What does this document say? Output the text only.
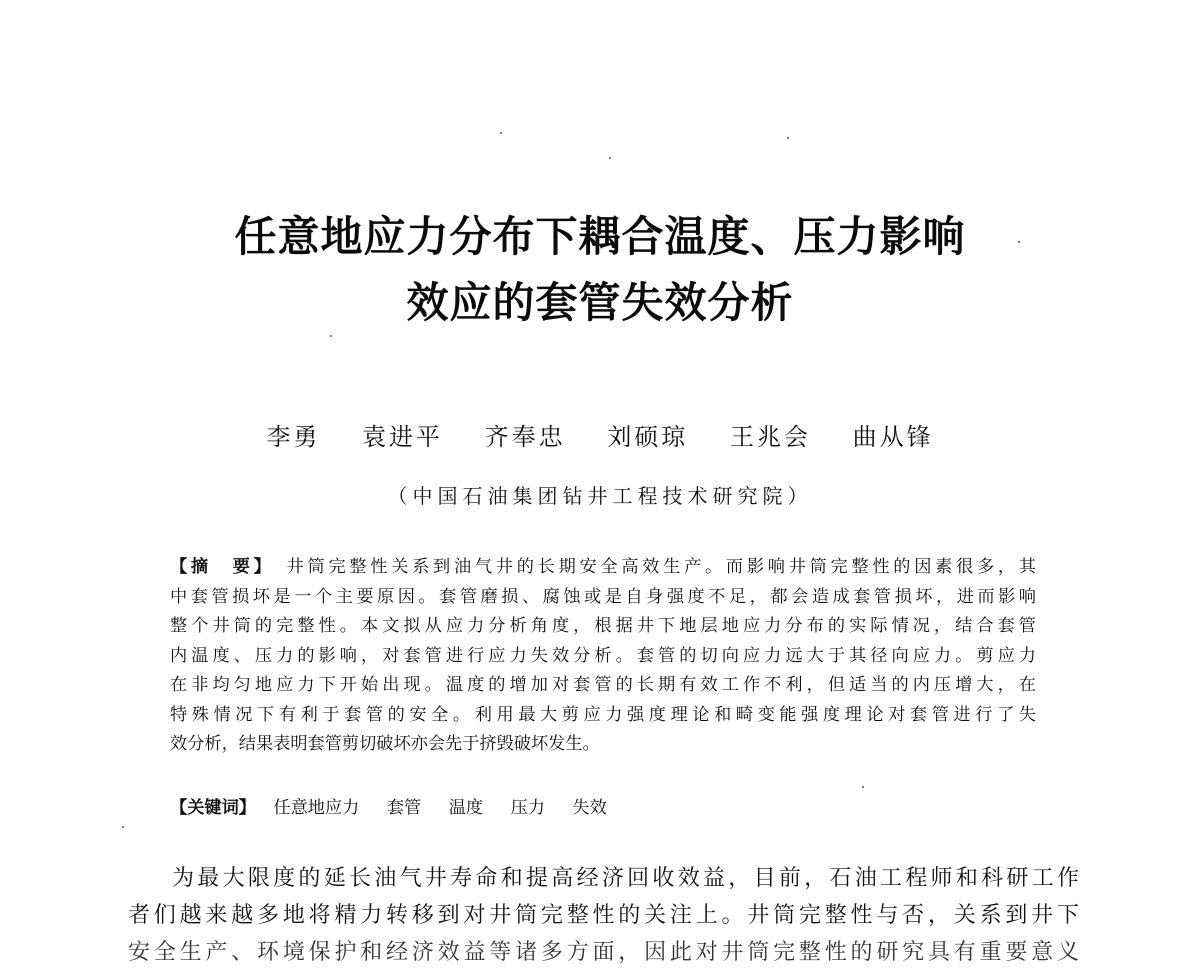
任意地应力分布下耦合温度、压力影响
效应的套管失效分析
李勇 袁进平 齐奉忠 刘硕琼 王兆会 曲从锋
（中国石油集团钻井工程技术研究院）
【摘　要】 井筒完整性关系到油气井的长期安全高效生产。而影响井筒完整性的因素很多，其
中套管损坏是一个主要原因。套管磨损、腐蚀或是自身强度不足，都会造成套管损坏，进而影响
整个井筒的完整性。本文拟从应力分析角度，根据井下地层地应力分布的实际情况，结合套管
内温度、压力的影响，对套管进行应力失效分析。套管的切向应力远大于其径向应力。剪应力
在非均匀地应力下开始出现。温度的增加对套管的长期有效工作不利，但适当的内压增大，在
特殊情况下有利于套管的安全。利用最大剪应力强度理论和畸变能强度理论对套管进行了失
效分析，结果表明套管剪切破坏亦会先于挤毁破坏发生。
【关键词】 任意地应力 套管 温度 压力 失效
为最大限度的延长油气井寿命和提高经济回收效益，目前，石油工程师和科研工作
者们越来越多地将精力转移到对井筒完整性的关注上。井筒完整性与否，关系到井下
安全生产、环境保护和经济效益等诸多方面，因此对井筒完整性的研究具有重要意义
